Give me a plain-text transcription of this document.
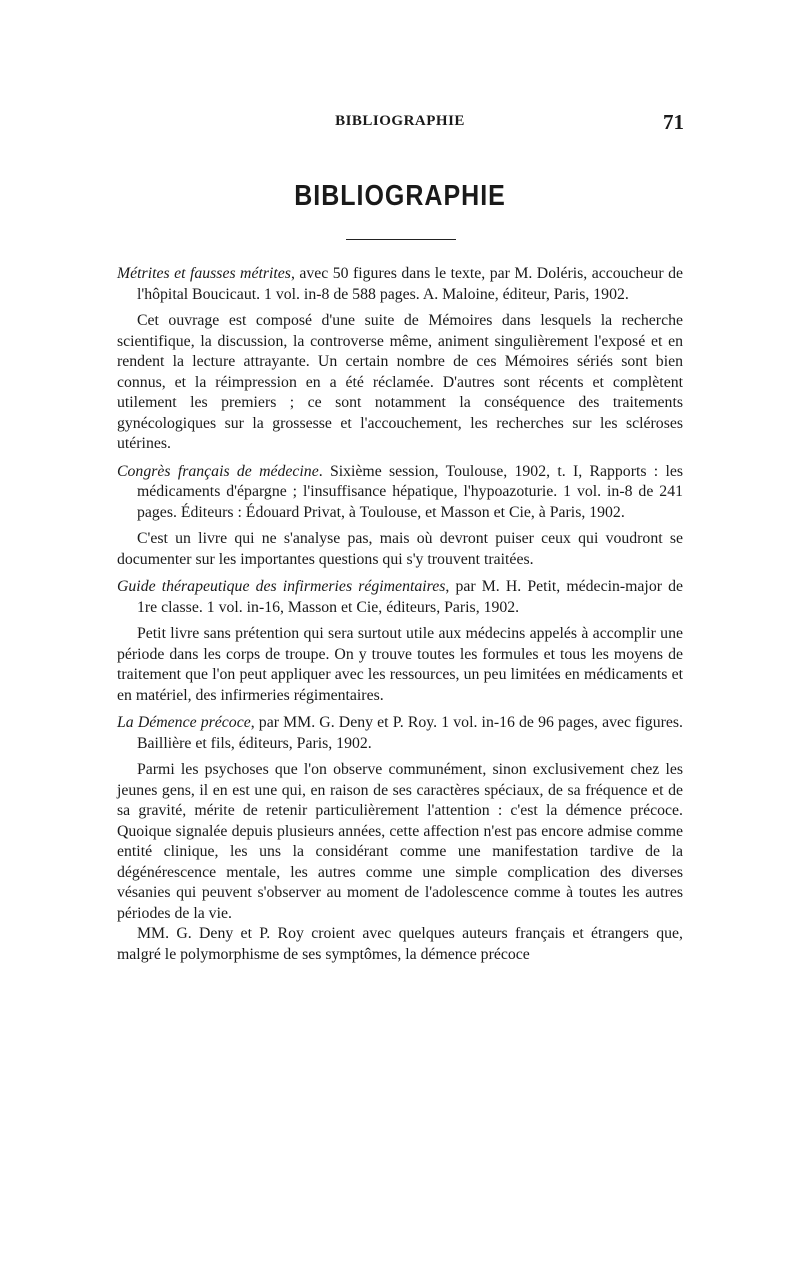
BIBLIOGRAPHIE	71
BIBLIOGRAPHIE

Métrites et fausses métrites, avec 50 figures dans le texte, par M. Doléris, accoucheur de l'hôpital Boucicaut. 1 vol. in-8 de 588 pages. A. Maloine, éditeur, Paris, 1902.

Cet ouvrage est composé d'une suite de Mémoires dans lesquels la recherche scientifique, la discussion, la controverse même, animent singulièrement l'exposé et en rendent la lecture attrayante. Un certain nombre de ces Mémoires sériés sont bien connus, et la réimpression en a été réclamée. D'autres sont récents et complètent utilement les premiers ; ce sont notamment la conséquence des traitements gynécologiques sur la grossesse et l'accouchement, les recherches sur les scléroses utérines.

Congrès français de médecine. Sixième session, Toulouse, 1902, t. I, Rapports : les médicaments d'épargne ; l'insuffisance hépatique, l'hypoazoturie. 1 vol. in-8 de 241 pages. Éditeurs : Édouard Privat, à Toulouse, et Masson et Cie, à Paris, 1902.

C'est un livre qui ne s'analyse pas, mais où devront puiser ceux qui voudront se documenter sur les importantes questions qui s'y trouvent traitées.

Guide thérapeutique des infirmeries régimentaires, par M. H. Petit, médecin-major de 1re classe. 1 vol. in-16, Masson et Cie, éditeurs, Paris, 1902.

Petit livre sans prétention qui sera surtout utile aux médecins appelés à accomplir une période dans les corps de troupe. On y trouve toutes les formules et tous les moyens de traitement que l'on peut appliquer avec les ressources, un peu limitées en médicaments et en matériel, des infirmeries régimentaires.

La Démence précoce, par MM. G. Deny et P. Roy. 1 vol. in-16 de 96 pages, avec figures. Baillière et fils, éditeurs, Paris, 1902.

Parmi les psychoses que l'on observe communément, sinon exclusivement chez les jeunes gens, il en est une qui, en raison de ses caractères spéciaux, de sa fréquence et de sa gravité, mérite de retenir particulièrement l'attention : c'est la démence précoce. Quoique signalée depuis plusieurs années, cette affection n'est pas encore admise comme entité clinique, les uns la considérant comme une manifestation tardive de la dégénérescence mentale, les autres comme une simple complication des diverses vésanies qui peuvent s'observer au moment de l'adolescence comme à toutes les autres périodes de la vie.

MM. G. Deny et P. Roy croient avec quelques auteurs français et étrangers que, malgré le polymorphisme de ses symptômes, la démence précoce
